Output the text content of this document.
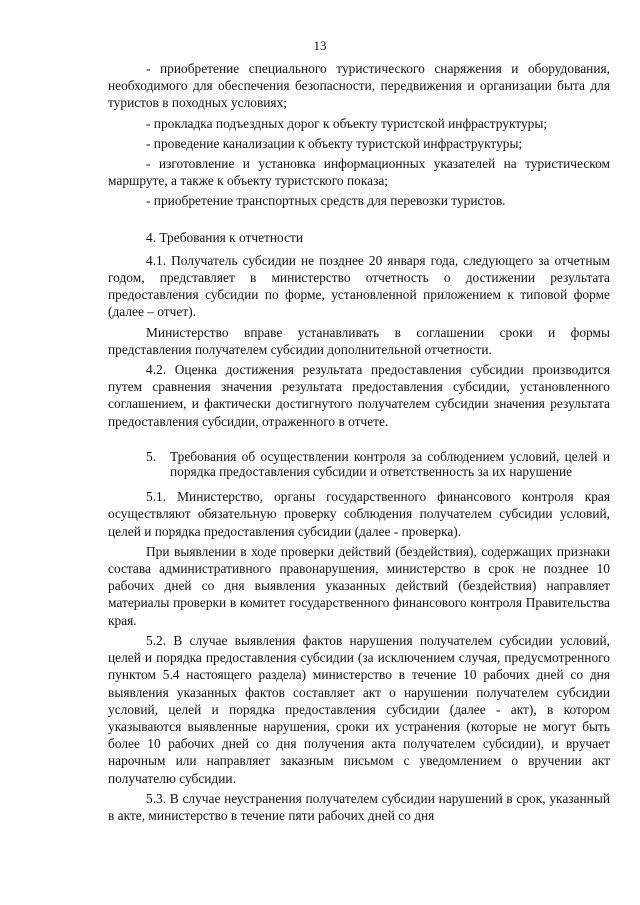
13

- приобретение специального туристического снаряжения и оборудования, необходимого для обеспечения безопасности, передвижения и организации быта для туристов в походных условиях;

- прокладка подъездных дорог к объекту туристской инфраструктуры;

- проведение канализации к объекту туристской инфраструктуры;

- изготовление и установка информационных указателей на туристическом маршруте, а также к объекту туристского показа;

- приобретение транспортных средств для перевозки туристов.

4. Требования к отчетности

4.1. Получатель субсидии не позднее 20 января года, следующего за отчетным годом, представляет в министерство отчетность о достижении результата предоставления субсидии по форме, установленной приложением к типовой форме (далее – отчет).

Министерство вправе устанавливать в соглашении сроки и формы представления получателем субсидии дополнительной отчетности.

4.2. Оценка достижения результата предоставления субсидии производится путем сравнения значения результата предоставления субсидии, установленного соглашением, и фактически достигнутого получателем субсидии значения результата предоставления субсидии, отраженного в отчете.

5. Требования об осуществлении контроля за соблюдением условий, целей и порядка предоставления субсидии и ответственность за их нарушение

5.1. Министерство, органы государственного финансового контроля края осуществляют обязательную проверку соблюдения получателем субсидии условий, целей и порядка предоставления субсидии (далее - проверка).

При выявлении в ходе проверки действий (бездействия), содержащих признаки состава административного правонарушения, министерство в срок не позднее 10 рабочих дней со дня выявления указанных действий (бездействия) направляет материалы проверки в комитет государственного финансового контроля Правительства края.

5.2. В случае выявления фактов нарушения получателем субсидии условий, целей и порядка предоставления субсидии (за исключением случая, предусмотренного пунктом 5.4 настоящего раздела) министерство в течение 10 рабочих дней со дня выявления указанных фактов составляет акт о нарушении получателем субсидии условий, целей и порядка предоставления субсидии (далее - акт), в котором указываются выявленные нарушения, сроки их устранения (которые не могут быть более 10 рабочих дней со дня получения акта получателем субсидии), и вручает нарочным или направляет заказным письмом с уведомлением о вручении акт получателю субсидии.

5.3. В случае неустранения получателем субсидии нарушений в срок, указанный в акте, министерство в течение пяти рабочих дней со дня
